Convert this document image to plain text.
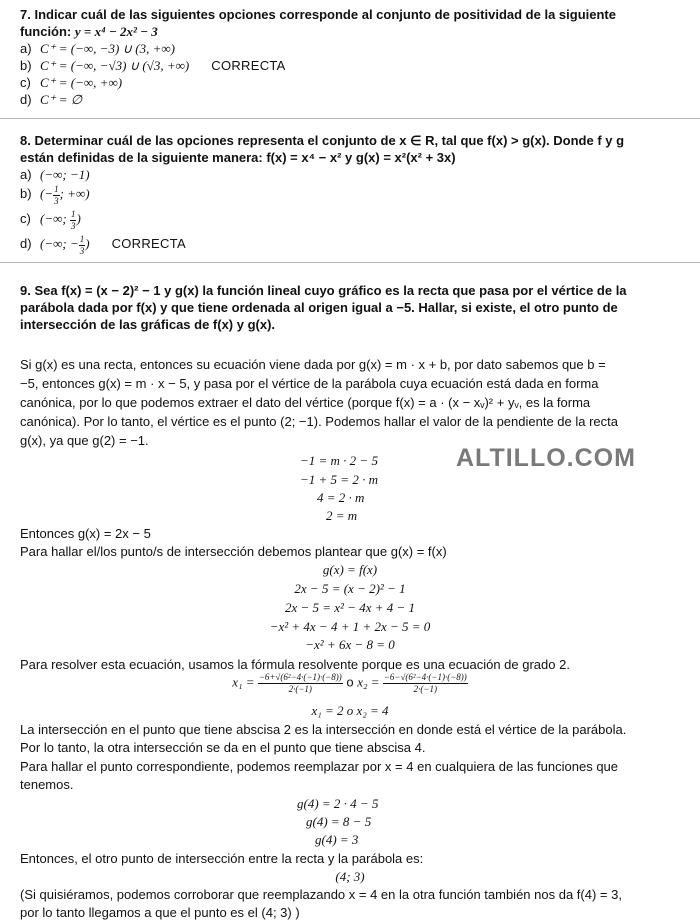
7. Indicar cuál de las siguientes opciones corresponde al conjunto de positividad de la siguiente
función: y = x⁴ − 2x² − 3
a) C⁺ = (−∞, −3) ∪ (3, +∞)
b) C⁺ = (−∞, −√3) ∪ (√3, +∞) CORRECTA
c) C⁺ = (−∞, +∞)
d) C⁺ = ∅
8. Determinar cuál de las opciones representa el conjunto de x ∈ R, tal que f(x) > g(x). Donde f y g
están definidas de la siguiente manera: f(x) = x⁴ − x² y g(x) = x²(x² + 3x)
a) (−∞; −1)
b) (− $\frac{1}{3}$ ; +∞)
c) (−∞; $\frac{1}{3}$ )
d) (−∞; − $\frac{1}{3}$ ) CORRECTA
9. Sea f(x) = (x − 2)² − 1 y g(x) la función lineal cuyo gráfico es la recta que pasa por el vértice de la
parábola dada por f(x) y que tiene ordenada al origen igual a −5. Hallar, si existe, el otro punto de
intersección de las gráficas de f(x) y g(x).
Si g(x) es una recta, entonces su ecuación viene dada por g(x) = m · x + b, por dato sabemos que b =
−5, entonces g(x) = m · x − 5, y pasa por el vértice de la parábola cuya ecuación está dada en forma
canónica, por lo que podemos extraer el dato del vértice (porque f(x) = a · (x − xᵥ)² + yᵥ, es la forma
canónica). Por lo tanto, el vértice es el punto (2; −1). Podemos hallar el valor de la pendiente de la recta
g(x), ya que g(2) = −1.
−1 = m · 2 − 5
−1 + 5 = 2 · m
4 = 2 · m
2 = m
ALTILLO.COM
Entonces g(x) = 2x − 5
Para hallar el/los punto/s de intersección debemos plantear que g(x) = f(x)
g(x) = f(x)
2x − 5 = (x − 2)² − 1
2x − 5 = x² − 4x + 4 − 1
−x² + 4x − 4 + 1 + 2x − 5 = 0
−x² + 6x − 8 = 0
Para resolver esta ecuación, usamos la fórmula resolvente porque es una ecuación de grado 2.
$x_1 = \frac{\text{−6+√(6²−4·(−1)·(−8))}}{2\cdot(-1)}$ o $x_2 = \frac{\text{−6−√(6²−4·(−1)·(−8))}}{2\cdot(-1)}$
x₁ = 2 o x₂ = 4
La intersección en el punto que tiene abscisa 2 es la intersección en donde está el vértice de la parábola.
Por lo tanto, la otra intersección se da en el punto que tiene abscisa 4.
Para hallar el punto correspondiente, podemos reemplazar por x = 4 en cualquiera de las funciones que
tenemos.
g(4) = 2 · 4 − 5
g(4) = 8 − 5
g(4) = 3
Entonces, el otro punto de intersección entre la recta y la parábola es:
(4; 3)
(Si quisiéramos, podemos corroborar que reemplazando x = 4 en la otra función también nos da f(4) = 3,
por lo tanto llegamos a que el punto es el (4; 3) )
